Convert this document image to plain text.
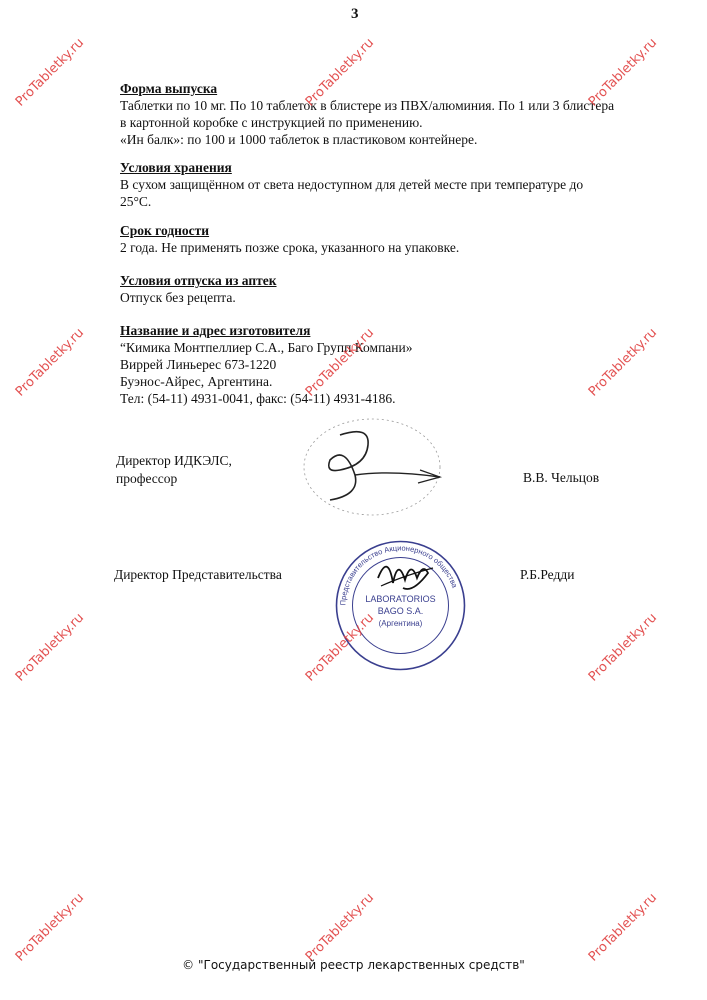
3
Форма выпуска
Таблетки по 10 мг. По 10 таблеток в блистере из ПВХ/алюминия. По 1 или 3 блистера
в картонной коробке с инструкцией по применению.
«Ин балк»: по 100 и 1000 таблеток в пластиковом контейнере.
Условия хранения
В сухом защищённом от света недоступном для детей месте при температуре до
25°С.
Срок годности
2 года. Не применять позже срока, указанного на упаковке.
Условия отпуска из аптек
Отпуск без рецепта.
Название и адрес изготовителя
“Кимика Монтпеллиер С.А., Баго Групп Компани»
Виррей Линьерес 673-1220
Буэнос-Айрес, Аргентина.
Тел: (54-11) 4931-0041, факс: (54-11) 4931-4186.
Директор ИДКЭЛС,
профессор	В.В. Чельцов
Представительство Акционерного общества
LABORATORIOS
BAGO S.A.
(Аргентина)
Директор Представительства	Р.Б.Редди
ProTabletky.ru	ProTabletky.ru	ProTabletky.ru
ProTabletky.ru	ProTabletky.ru	ProTabletky.ru
ProTabletky.ru	ProTabletky.ru	ProTabletky.ru
ProTabletky.ru	ProTabletky.ru	ProTabletky.ru
© "Государственный реестр лекарственных средств"
